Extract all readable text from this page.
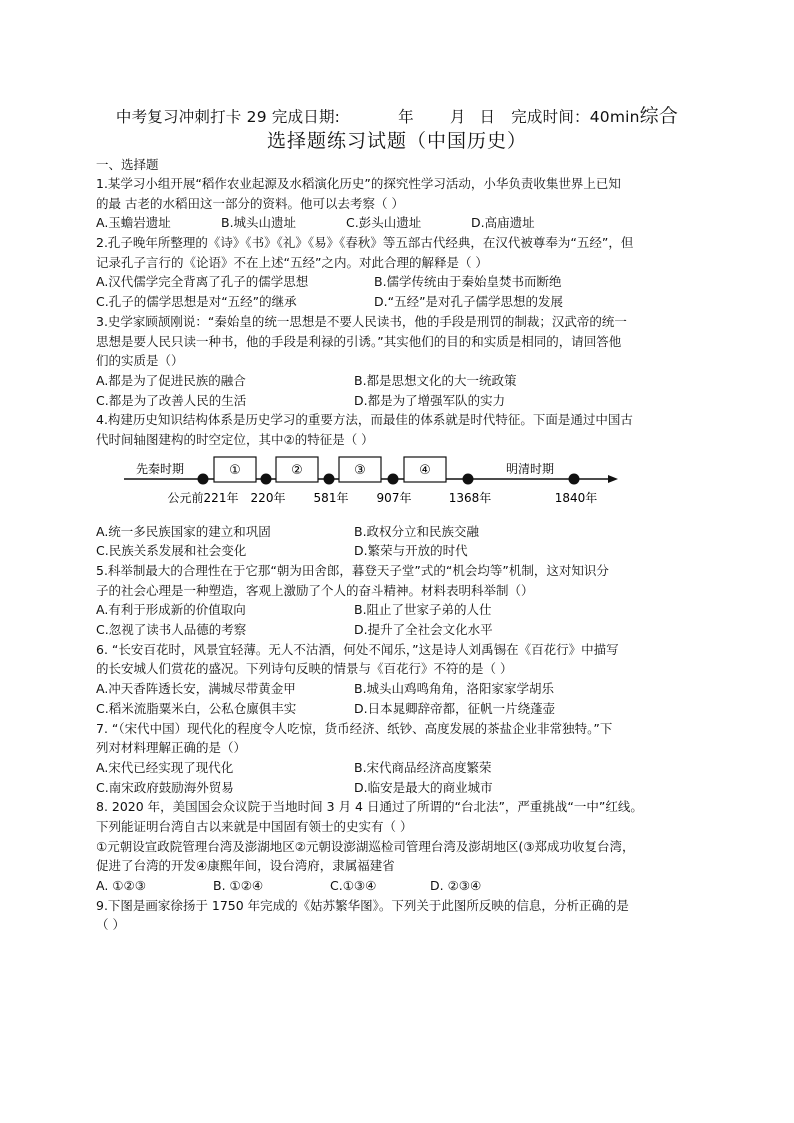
中考复习冲刺打卡 29 完成日期:	年 月 日 完成时间：40min综合
选择题练习试题（中国历史）
一、选择题
1.某学习小组开展“稻作农业起源及水稻演化历史”的探究性学习活动，小华负责收集世界上已知
的最 古老的水稻田这一部分的资料。他可以去考察（ ）
A.玉蟾岩遗址	B.城头山遗址	C.彭头山遗址	D.高庙遗址
2.孔子晚年所整理的《诗》《书》《礼》《易》《春秋》等五部古代经典，在汉代被尊奉为“五经”，但
记录孔子言行的《论语》不在上述“五经”之内。对此合理的解释是（ ）
A.汉代儒学完全背离了孔子的儒学思想	B.儒学传统由于秦始皇焚书而断绝
C.孔子的儒学思想是对“五经”的继承	D.“五经”是对孔子儒学思想的发展
3.史学家顾颉刚说：“秦始皇的统一思想是不要人民读书，他的手段是刑罚的制裁；汉武帝的统一
思想是要人民只读一种书，他的手段是利禄的引诱。”其实他们的目的和实质是相同的，请回答他
们的实质是（）
A.都是为了促进民族的融合	B.都是思想文化的大一统政策
C.都是为了改善人民的生活	D.都是为了增强军队的实力
4.构建历史知识结构体系是历史学习的重要方法，而最佳的体系就是时代特征。下面是通过中国古
代时间轴图建构的时空定位，其中②的特征是（ ）
先秦时期	明清时期
①	②	③	④
公元前221年 220年 581年 907年	1368年	1840年
A.统一多民族国家的建立和巩固	B.政权分立和民族交融
C.民族关系发展和社会变化	D.繁荣与开放的时代
5.科举制最大的合理性在于它那“朝为田舍郎，暮登天子堂”式的“机会均等”机制，这对知识分
子的社会心理是一种塑造，客观上激励了个人的奋斗精神。材料表明科举制（）
A.有利于形成新的价值取向	B.阻止了世家子弟的人仕
C.忽视了读书人品德的考察	D.提升了全社会文化水平
6. “长安百花时，风景宜轻薄。无人不沽酒，何处不闻乐，”这是诗人刘禹锡在《百花行》中描写
的长安城人们赏花的盛况。下列诗句反映的情景与《百花行》不符的是（ ）
A.冲天香阵透长安，满城尽带黄金甲	B.城头山鸡鸣角角，洛阳家家学胡乐
C.稻米流脂粟米白，公私仓廪俱丰实	D.日本晁卿辞帝都，征帆一片绕蓬壶
7. “（宋代中国）现代化的程度令人吃惊，货币经济、纸钞、高度发展的茶盐企业非常独特。”下
列对材料理解正确的是（）
A.宋代已经实现了现代化	B.宋代商品经济高度繁荣
C.南宋政府鼓励海外贸易	D.临安是最大的商业城市
8. 2020 年，美国国会众议院于当地时间 3 月 4 日通过了所谓的“台北法”，严重挑战“一中”红线。
下列能证明台湾自古以来就是中国固有领士的史实有（ ）
①元朝设宣政院管理台湾及澎湖地区②元朝设澎湖巡检司管理台湾及澎胡地区(③郑成功收复台湾，
促进了台湾的开发④康熙年间，设台湾府，隶属福建省
A. ①②③	B. ①②④	C.①③④	D. ②③④
9.下图是画家徐扬于 1750 年完成的《姑苏繁华图》。下列关于此图所反映的信息，分析正确的是
（ ）
